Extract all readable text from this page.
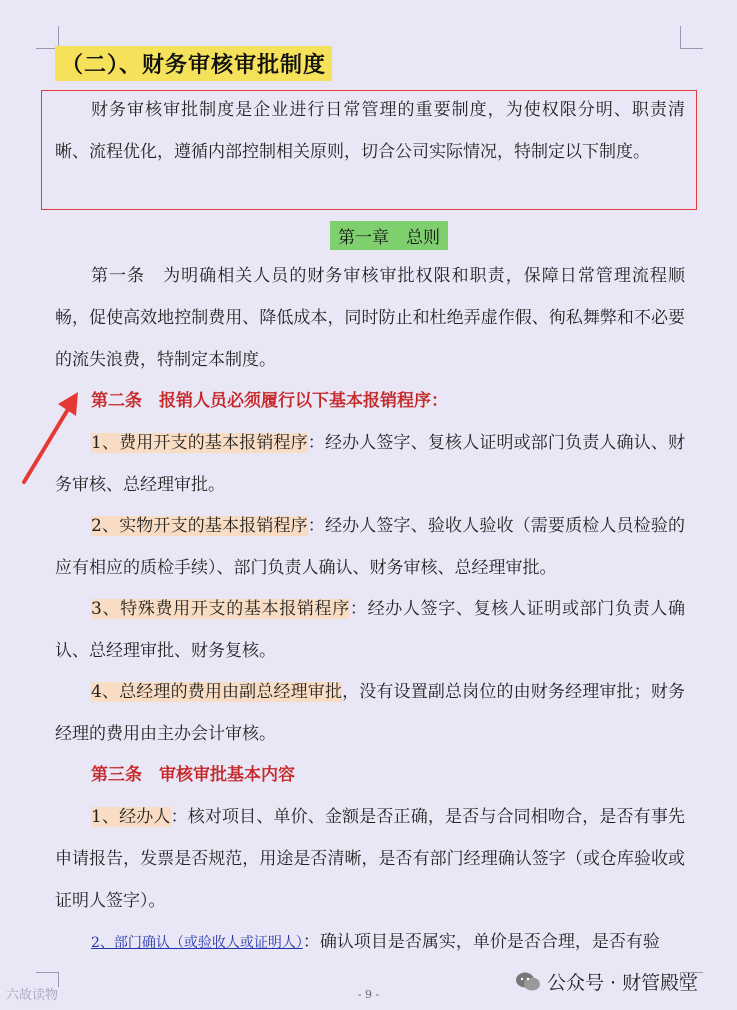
（二）、财务审核审批制度

财务审核审批制度是企业进行日常管理的重要制度，为使权限分明、职责清晰、流程优化，遵循内部控制相关原则，切合公司实际情况，特制定以下制度。

第一章　总则

第一条　为明确相关人员的财务审核审批权限和职责，保障日常管理流程顺畅，促使高效地控制费用、降低成本，同时防止和杜绝弄虚作假、徇私舞弊和不必要的流失浪费，特制定本制度。

第二条　报销人员必须履行以下基本报销程序：

1、费用开支的基本报销程序：经办人签字、复核人证明或部门负责人确认、财务审核、总经理审批。

2、实物开支的基本报销程序：经办人签字、验收人验收（需要质检人员检验的应有相应的质检手续）、部门负责人确认、财务审核、总经理审批。

3、特殊费用开支的基本报销程序：经办人签字、复核人证明或部门负责人确认、总经理审批、财务复核。

4、总经理的费用由副总经理审批，没有设置副总岗位的由财务经理审批；财务经理的费用由主办会计审核。

第三条　审核审批基本内容

1、经办人：核对项目、单价、金额是否正确，是否与合同相吻合，是否有事先申请报告，发票是否规范，用途是否清晰，是否有部门经理确认签字（或仓库验收或证明人签字）。

2、部门确认（或验收人或证明人）：确认项目是否属实，单价是否合理，是否有验

- 9 -
六故读物
公众号 · 财管殿堂
